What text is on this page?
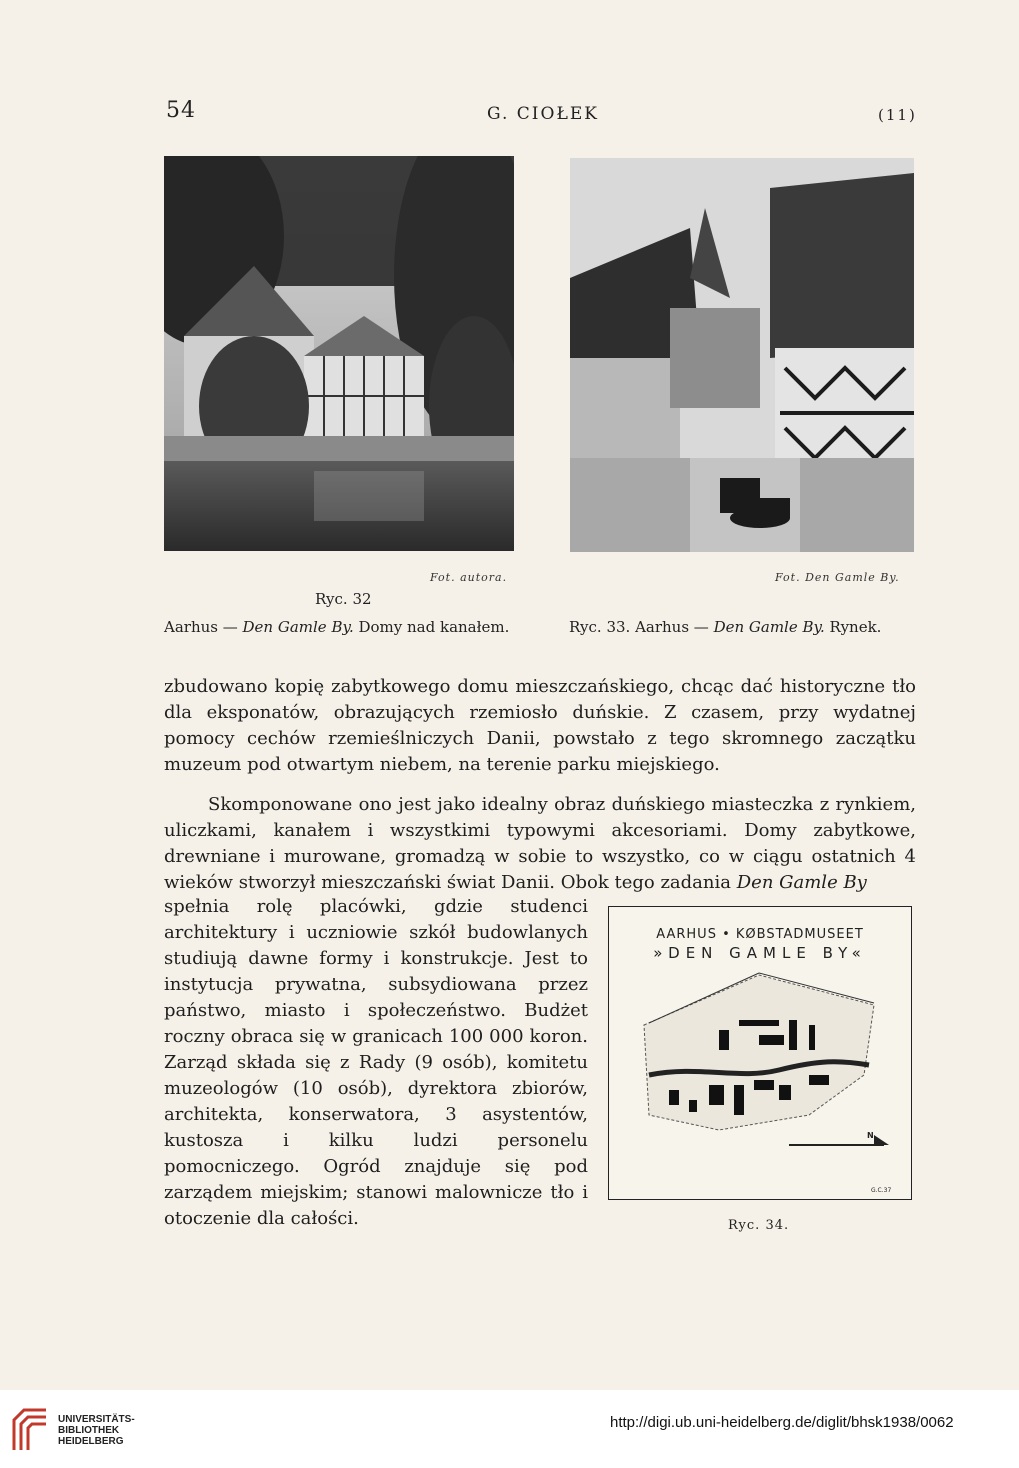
54	G. CIOŁEK	(11)
Fot. autora.
Ryc. 32
Aarhus — Den Gamle By. Domy nad kanałem.
Fot. Den Gamle By.
Ryc. 33. Aarhus — Den Gamle By. Rynek.

zbudowano kopię zabytkowego domu mieszczańskiego, chcąc dać historyczne tło dla eksponatów, obrazujących rzemiosło duńskie. Z czasem, przy wydatnej pomocy cechów rzemieślniczych Danii, powstało z tego skromnego zaczątku muzeum pod otwartym niebem, na terenie parku miejskiego.

Skomponowane ono jest jako idealny obraz duńskiego miasteczka z rynkiem, uliczkami, kanałem i wszystkimi typowymi akcesoriami. Domy zabytkowe, drewniane i murowane, gromadzą w sobie to wszystko, co w ciągu ostatnich 4 wieków stworzył mieszczański świat Danii. Obok tego zadania Den Gamle By

spełnia rolę placówki, gdzie studenci architektury i uczniowie szkół budowlanych studiują dawne formy i konstrukcje. Jest to instytucja prywatna, subsydiowana przez państwo, miasto i społeczeństwo. Budżet roczny obraca się w granicach 100 000 koron. Zarząd składa się z Rady (9 osób), komitetu muzeologów (10 osób), dyrektora zbiorów, architekta, konserwatora, 3 asystentów, kustosza i kilku ludzi personelu pomocniczego. Ogród znajduje się pod zarządem miejskim; stanowi malownicze tło i otoczenie dla całości.

AARHUS • KØBSTADMUSEET
»DEN GAMLE BY«
N
G.C.37
Ryc. 34.
UNIVERSITÄTS-
BIBLIOTHEK
HEIDELBERG
http://digi.ub.uni-heidelberg.de/diglit/bhsk1938/0062
